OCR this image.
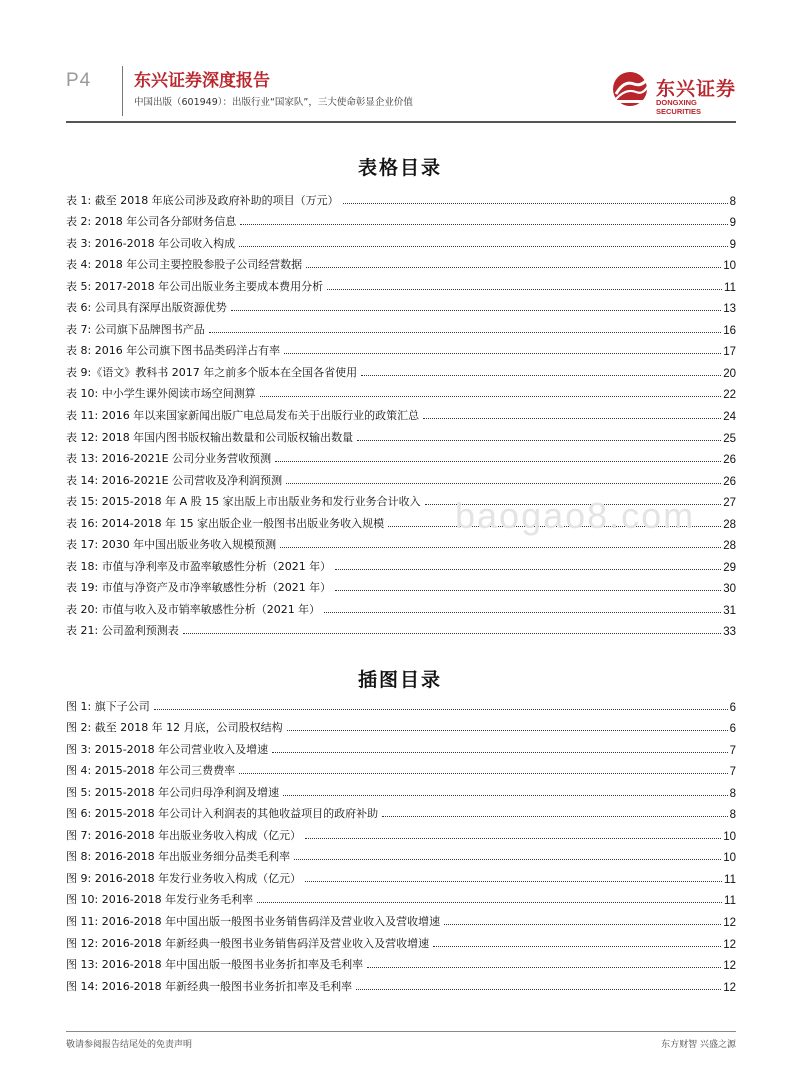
P4	东兴证券深度报告
中国出版（601949）：出版行业“国家队”，三大使命彰显企业价值
东兴证券
DONGXING SECURITIES
表格目录
表 1: 截至 2018 年底公司涉及政府补助的项目（万元）	8
表 2: 2018 年公司各分部财务信息	9
表 3: 2016-2018 年公司收入构成	9
表 4: 2018 年公司主要控股参股子公司经营数据	10
表 5: 2017-2018 年公司出版业务主要成本费用分析	11
表 6: 公司具有深厚出版资源优势	13
表 7: 公司旗下品牌图书产品	16
表 8: 2016 年公司旗下图书品类码洋占有率	17
表 9:《语文》教科书 2017 年之前多个版本在全国各省使用	20
表 10: 中小学生课外阅读市场空间测算	22
表 11: 2016 年以来国家新闻出版广电总局发布关于出版行业的政策汇总	24
表 12: 2018 年国内图书版权输出数量和公司版权输出数量	25
表 13: 2016-2021E 公司分业务营收预测	26
表 14: 2016-2021E 公司营收及净利润预测	26
表 15: 2015-2018 年 A 股 15 家出版上市出版业务和发行业务合计收入	27
表 16: 2014-2018 年 15 家出版企业一般图书出版业务收入规模	28
表 17: 2030 年中国出版业务收入规模预测	28
表 18: 市值与净利率及市盈率敏感性分析（2021 年）	29
表 19: 市值与净资产及市净率敏感性分析（2021 年）	30
表 20: 市值与收入及市销率敏感性分析（2021 年）	31
表 21: 公司盈利预测表	33
插图目录
图 1: 旗下子公司	6
图 2: 截至 2018 年 12 月底，公司股权结构	6
图 3: 2015-2018 年公司营业收入及增速	7
图 4: 2015-2018 年公司三费费率	7
图 5: 2015-2018 年公司归母净利润及增速	8
图 6: 2015-2018 年公司计入利润表的其他收益项目的政府补助	8
图 7: 2016-2018 年出版业务收入构成（亿元）	10
图 8: 2016-2018 年出版业务细分品类毛利率	10
图 9: 2016-2018 年发行业务收入构成（亿元）	11
图 10: 2016-2018 年发行业务毛利率	11
图 11: 2016-2018 年中国出版一般图书业务销售码洋及营业收入及营收增速	12
图 12: 2016-2018 年新经典一般图书业务销售码洋及营业收入及营收增速	12
图 13: 2016-2018 年中国出版一般图书业务折扣率及毛利率	12
图 14: 2016-2018 年新经典一般图书业务折扣率及毛利率	12
baogao8.com
敬请参阅报告结尾处的免责声明	东方财智 兴盛之源
